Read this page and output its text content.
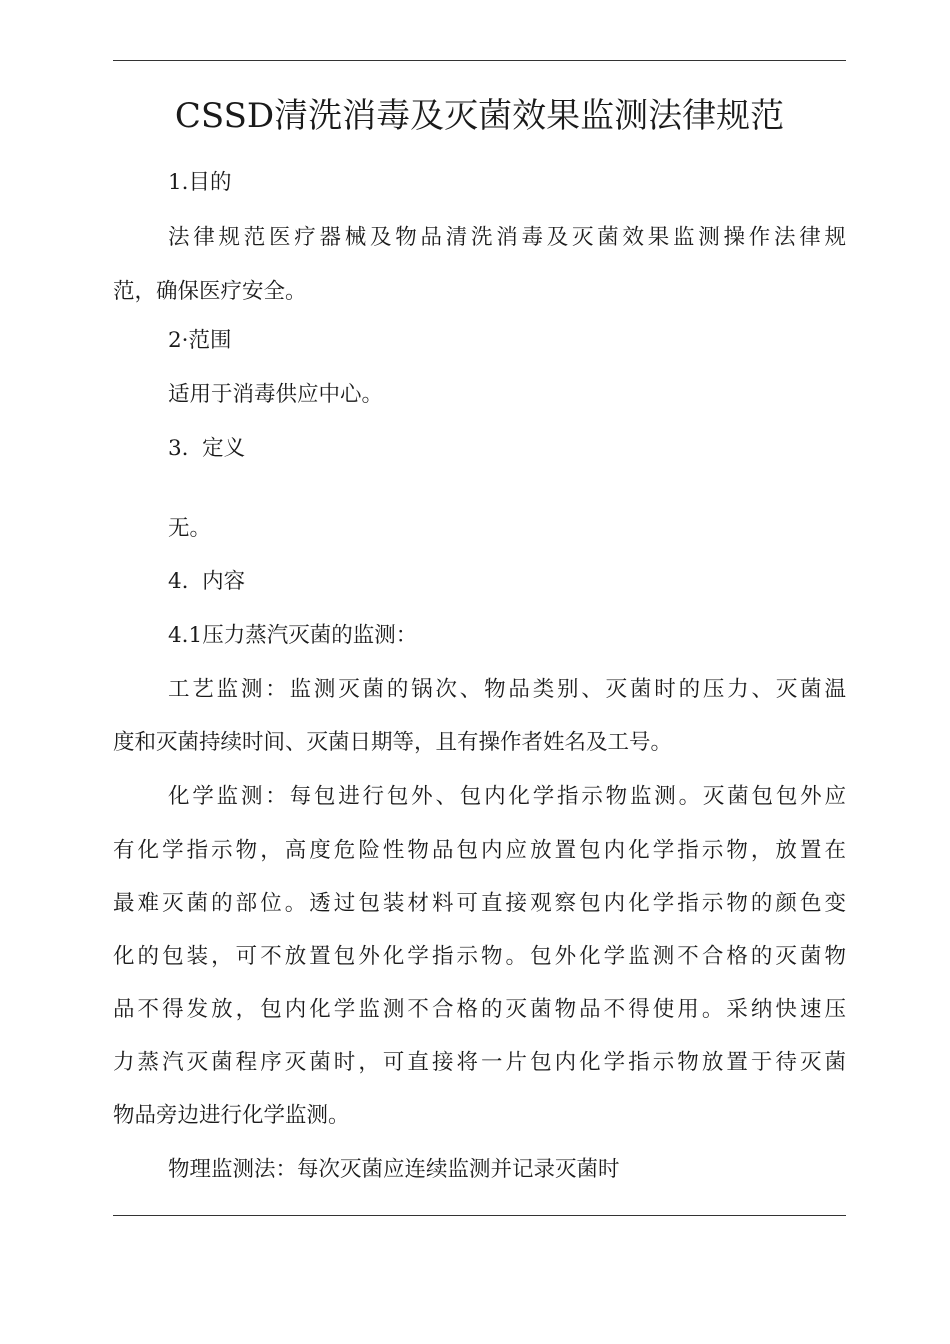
CSSD清洗消毒及灭菌效果监测法律规范
1.目的
法律规范医疗器械及物品清洗消毒及灭菌效果监测操作法律规
范，确保医疗安全。
2·范围
适用于消毒供应中心。
3.  定义
无。
4.  内容
4.1压力蒸汽灭菌的监测：
工艺监测：监测灭菌的锅次、物品类别、灭菌时的压力、灭菌温
度和灭菌持续时间、灭菌日期等，且有操作者姓名及工号。
化学监测：每包进行包外、包内化学指示物监测。灭菌包包外应
有化学指示物，高度危险性物品包内应放置包内化学指示物，放置在
最难灭菌的部位。透过包装材料可直接观察包内化学指示物的颜色变
化的包装，可不放置包外化学指示物。包外化学监测不合格的灭菌物
品不得发放，包内化学监测不合格的灭菌物品不得使用。采纳快速压
力蒸汽灭菌程序灭菌时，可直接将一片包内化学指示物放置于待灭菌
物品旁边进行化学监测。
物理监测法：每次灭菌应连续监测并记录灭菌时
